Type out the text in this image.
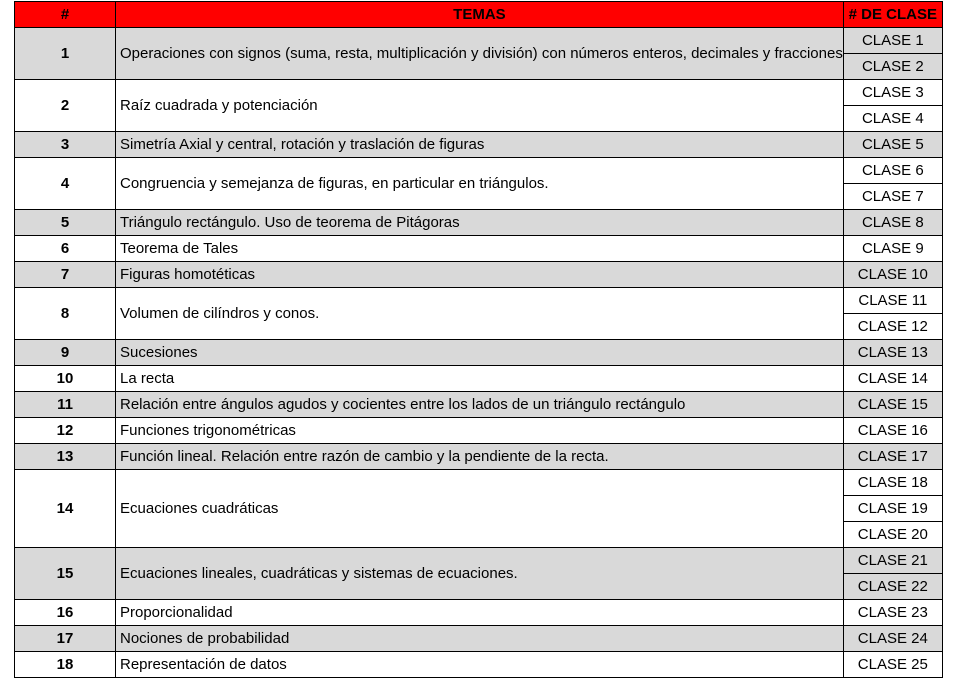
#	TEMAS	# DE CLASE
1	Operaciones con signos (suma, resta, multiplicación y división) con números enteros, decimales y fracciones	CLASE 1
		CLASE 2
2	Raíz cuadrada y potenciación	CLASE 3
		CLASE 4
3	Simetría Axial y central, rotación y traslación de figuras	CLASE 5
4	Congruencia y semejanza de figuras, en particular en triángulos.	CLASE 6
		CLASE 7
5	Triángulo rectángulo. Uso de teorema de Pitágoras	CLASE 8
6	Teorema de Tales	CLASE 9
7	Figuras homotéticas	CLASE 10
8	Volumen de cilíndros y conos.	CLASE 11
		CLASE 12
9	Sucesiones	CLASE 13
10	La recta	CLASE 14
11	Relación entre ángulos agudos y cocientes entre los lados de un triángulo rectángulo	CLASE 15
12	Funciones trigonométricas	CLASE 16
13	Función lineal. Relación entre razón de cambio y la pendiente de la recta.	CLASE 17
14	Ecuaciones cuadráticas	CLASE 18
		CLASE 19
		CLASE 20
15	Ecuaciones lineales, cuadráticas y sistemas de ecuaciones.	CLASE 21
		CLASE 22
16	Proporcionalidad	CLASE 23
17	Nociones de probabilidad	CLASE 24
18	Representación de datos	CLASE 25
